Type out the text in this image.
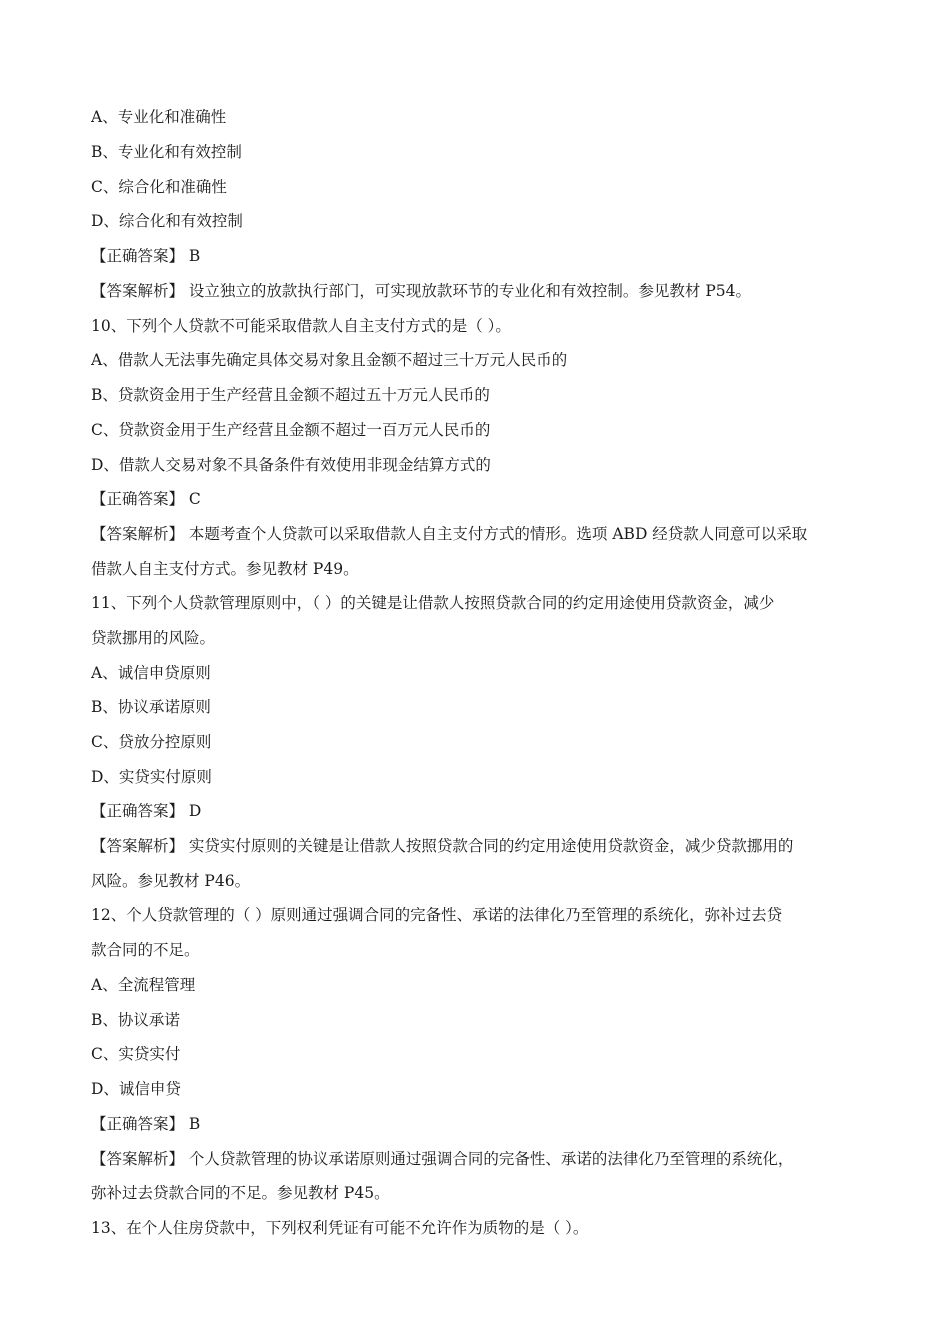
A、专业化和准确性
B、专业化和有效控制
C、综合化和准确性
D、综合化和有效控制
【正确答案】 B
【答案解析】 设立独立的放款执行部门，可实现放款环节的专业化和有效控制。参见教材 P54。
10、下列个人贷款不可能采取借款人自主支付方式的是（ ）。
A、借款人无法事先确定具体交易对象且金额不超过三十万元人民币的
B、贷款资金用于生产经营且金额不超过五十万元人民币的
C、贷款资金用于生产经营且金额不超过一百万元人民币的
D、借款人交易对象不具备条件有效使用非现金结算方式的
【正确答案】 C
【答案解析】 本题考查个人贷款可以采取借款人自主支付方式的情形。选项 ABD 经贷款人同意可以采取
借款人自主支付方式。参见教材 P49。
11、下列个人贷款管理原则中，（ ）的关键是让借款人按照贷款合同的约定用途使用贷款资金，减少
贷款挪用的风险。
A、诚信申贷原则
B、协议承诺原则
C、贷放分控原则
D、实贷实付原则
【正确答案】 D
【答案解析】 实贷实付原则的关键是让借款人按照贷款合同的约定用途使用贷款资金，减少贷款挪用的
风险。参见教材 P46。
12、个人贷款管理的（ ）原则通过强调合同的完备性、承诺的法律化乃至管理的系统化，弥补过去贷
款合同的不足。
A、全流程管理
B、协议承诺
C、实贷实付
D、诚信申贷
【正确答案】 B
【答案解析】 个人贷款管理的协议承诺原则通过强调合同的完备性、承诺的法律化乃至管理的系统化，
弥补过去贷款合同的不足。参见教材 P45。
13、在个人住房贷款中，下列权利凭证有可能不允许作为质物的是（ ）。
